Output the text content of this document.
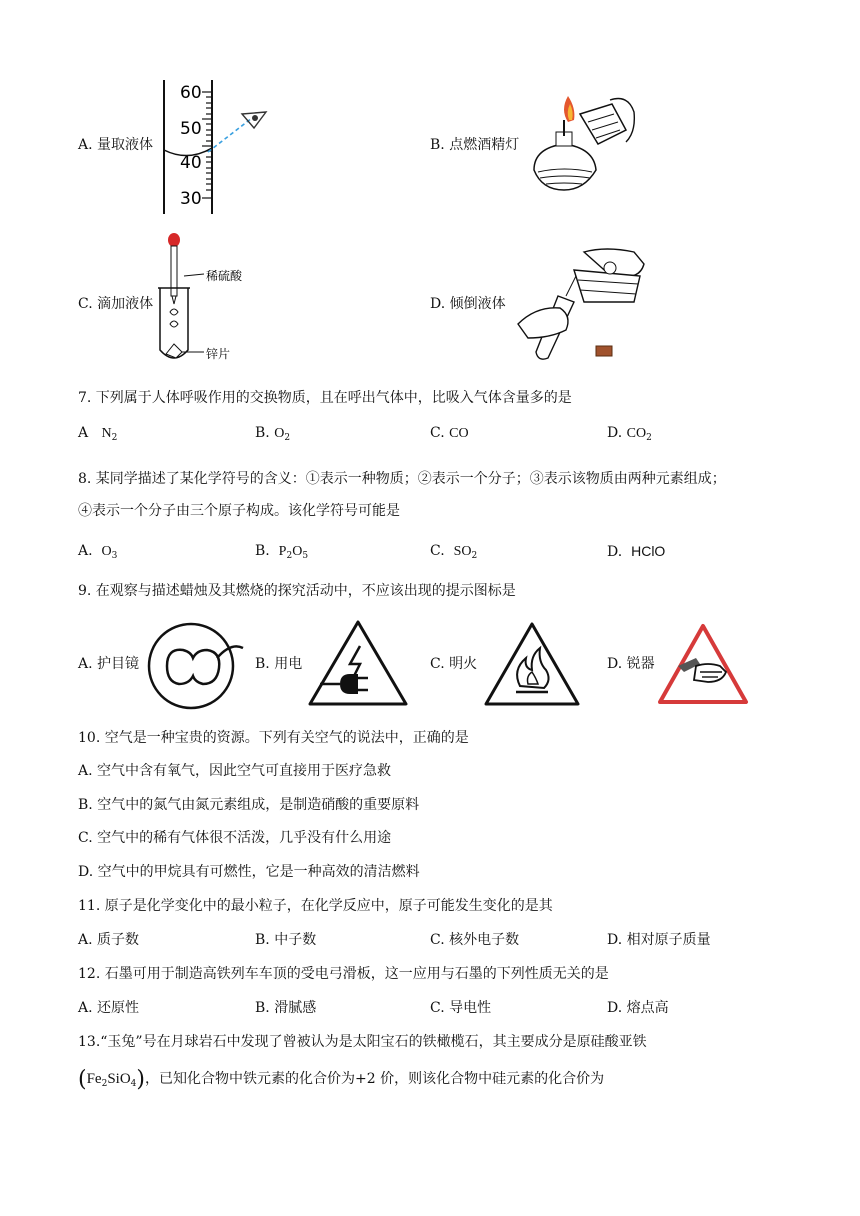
A. 量取液体
60
50
40
30
B. 点燃酒精灯
C. 滴加液体
稀硫酸
锌片
D. 倾倒液体
7. 下列属于人体呼吸作用的交换物质，且在呼出气体中，比吸入气体含量多的是
A $N_2$	B. $O_2$	C. CO	D. $CO_2$
8. 某同学描述了某化学符号的含义：①表示一种物质；②表示一个分子；③表示该物质由两种元素组成；
④表示一个分子由三个原子构成。该化学符号可能是
A. $O_3$	B. $P_2O_5$	C. $SO_2$	D. HClO
9. 在观察与描述蜡烛及其燃烧的探究活动中，不应该出现的提示图标是
A. 护目镜	B. 用电	C. 明火	D. 锐器
10. 空气是一种宝贵的资源。下列有关空气的说法中，正确的是
A. 空气中含有氧气，因此空气可直接用于医疗急救
B. 空气中的氮气由氮元素组成，是制造硝酸的重要原料
C. 空气中的稀有气体很不活泼，几乎没有什么用途
D. 空气中的甲烷具有可燃性，它是一种高效的清洁燃料
11. 原子是化学变化中的最小粒子，在化学反应中，原子可能发生变化的是其
A. 质子数	B. 中子数	C. 核外电子数	D. 相对原子质量
12. 石墨可用于制造高铁列车车顶的受电弓滑板，这一应用与石墨的下列性质无关的是
A. 还原性	B. 滑腻感	C. 导电性	D. 熔点高
13.“玉兔”号在月球岩石中发现了曾被认为是太阳宝石的铁橄榄石，其主要成分是原硅酸亚铁
$(Fe_2SiO_4)$，已知化合物中铁元素的化合价为+2 价，则该化合物中硅元素的化合价为
